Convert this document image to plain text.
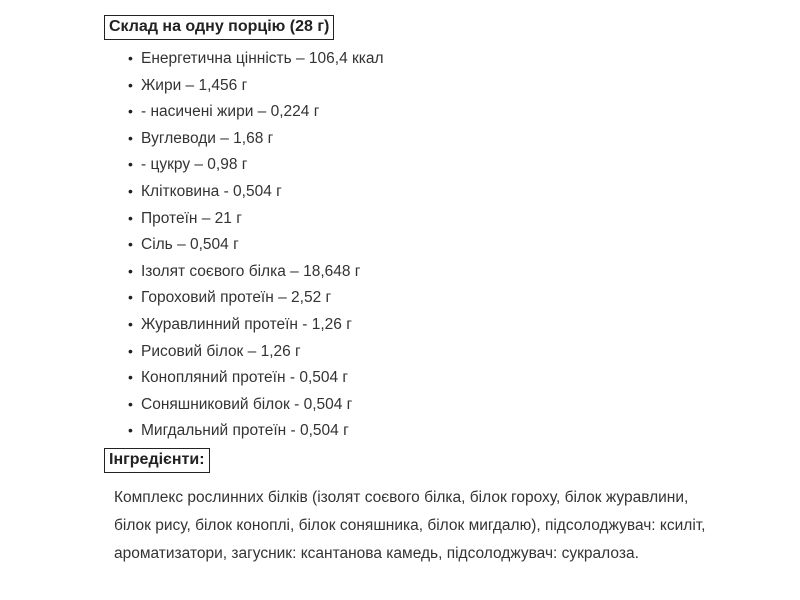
Склад на одну порцію (28 г)
• Енергетична цінність – 106,4 ккал
• Жири – 1,456 г
• - насичені жири – 0,224 г
• Вуглеводи – 1,68 г
• - цукру – 0,98 г
• Клітковина - 0,504 г
• Протеїн – 21 г
• Сіль – 0,504 г
• Ізолят соєвого білка – 18,648 г
• Гороховий протеїн – 2,52 г
• Журавлинний протеїн - 1,26 г
• Рисовий білок – 1,26 г
• Конопляний протеїн - 0,504 г
• Соняшниковий білок - 0,504 г
• Мигдальний протеїн - 0,504 г
Інгредієнти:

Комплекс рослинних білків (ізолят соєвого білка, білок гороху, білок журавлини, білок рису, білок коноплі, білок соняшника, білок мигдалю), підсолоджувач: ксиліт, ароматизатори, загусник: ксантанова камедь, підсолоджувач: сукралоза.
